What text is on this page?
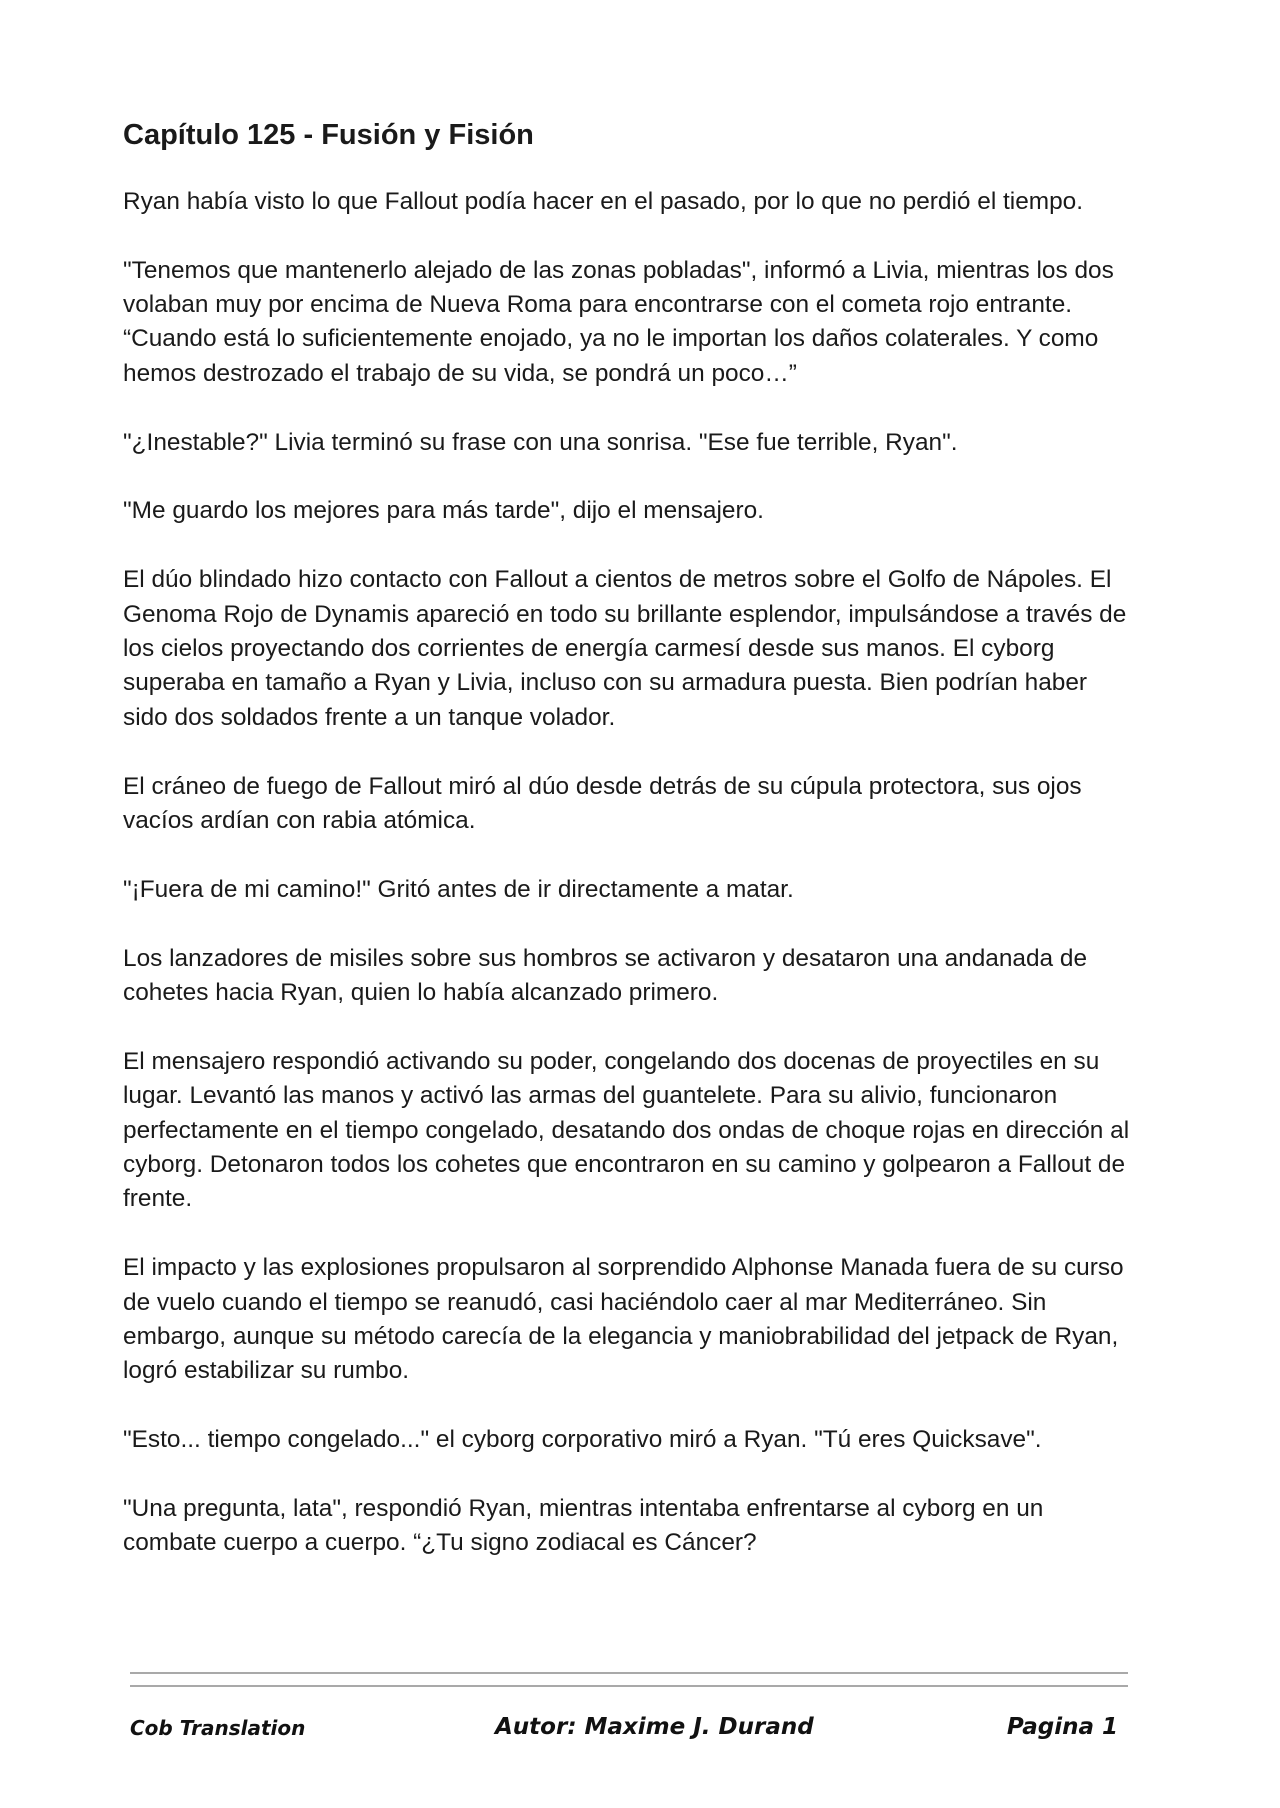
Capítulo 125 - Fusión y Fisión

Ryan había visto lo que Fallout podía hacer en el pasado, por lo que no perdió el tiempo.

"Tenemos que mantenerlo alejado de las zonas pobladas", informó a Livia, mientras los dos volaban muy por encima de Nueva Roma para encontrarse con el cometa rojo entrante. “Cuando está lo suficientemente enojado, ya no le importan los daños colaterales. Y como hemos destrozado el trabajo de su vida, se pondrá un poco…”

"¿Inestable?" Livia terminó su frase con una sonrisa. "Ese fue terrible, Ryan".

"Me guardo los mejores para más tarde", dijo el mensajero.

El dúo blindado hizo contacto con Fallout a cientos de metros sobre el Golfo de Nápoles. El Genoma Rojo de Dynamis apareció en todo su brillante esplendor, impulsándose a través de los cielos proyectando dos corrientes de energía carmesí desde sus manos. El cyborg superaba en tamaño a Ryan y Livia, incluso con su armadura puesta. Bien podrían haber sido dos soldados frente a un tanque volador.

El cráneo de fuego de Fallout miró al dúo desde detrás de su cúpula protectora, sus ojos vacíos ardían con rabia atómica.

"¡Fuera de mi camino!" Gritó antes de ir directamente a matar.

Los lanzadores de misiles sobre sus hombros se activaron y desataron una andanada de cohetes hacia Ryan, quien lo había alcanzado primero.

El mensajero respondió activando su poder, congelando dos docenas de proyectiles en su lugar. Levantó las manos y activó las armas del guantelete. Para su alivio, funcionaron perfectamente en el tiempo congelado, desatando dos ondas de choque rojas en dirección al cyborg. Detonaron todos los cohetes que encontraron en su camino y golpearon a Fallout de frente.

El impacto y las explosiones propulsaron al sorprendido Alphonse Manada fuera de su curso de vuelo cuando el tiempo se reanudó, casi haciéndolo caer al mar Mediterráneo. Sin embargo, aunque su método carecía de la elegancia y maniobrabilidad del jetpack de Ryan, logró estabilizar su rumbo.

"Esto... tiempo congelado..." el cyborg corporativo miró a Ryan. "Tú eres Quicksave".

"Una pregunta, lata", respondió Ryan, mientras intentaba enfrentarse al cyborg en un combate cuerpo a cuerpo. “¿Tu signo zodiacal es Cáncer?

Cob Translation	Autor: Maxime J. Durand	Pagina 1
